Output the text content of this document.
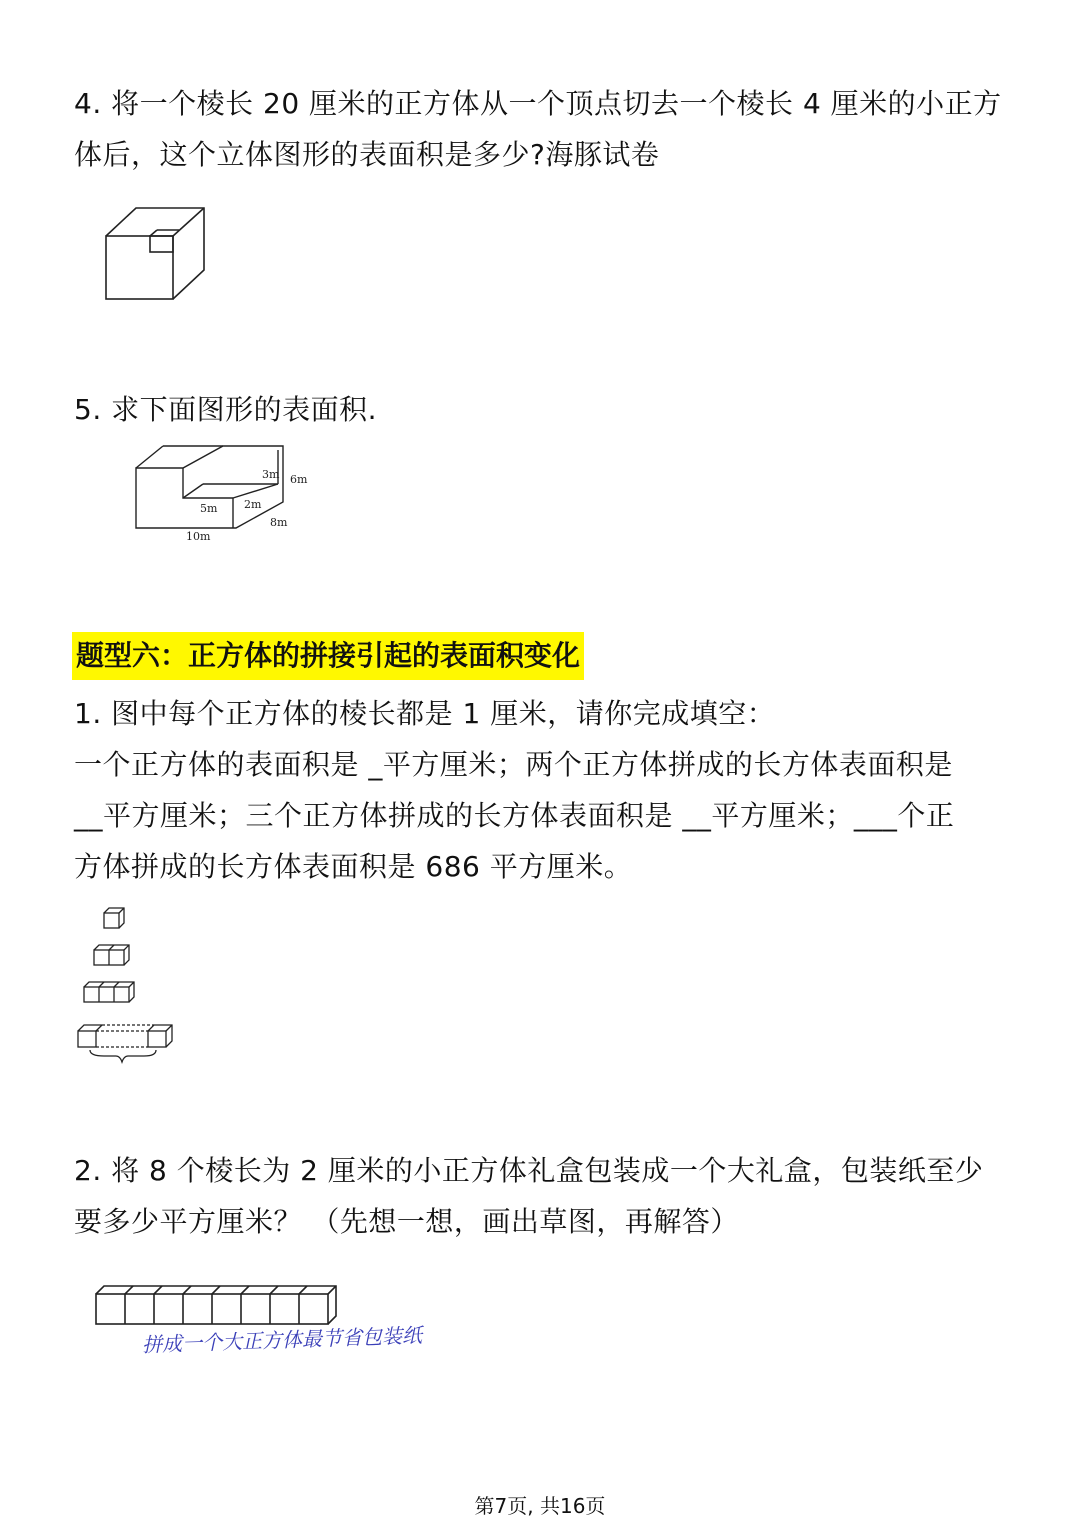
4. 将一个棱长 20 厘米的正方体从一个顶点切去一个棱长 4 厘米的小正方
体后，这个立体图形的表面积是多少?海豚试卷
5. 求下面图形的表面积.
3m 6m
5m 2m
8m
10m
题型六：正方体的拼接引起的表面积变化
1. 图中每个正方体的棱长都是 1 厘米，请你完成填空：
一个正方体的表面积是 _平方厘米；两个正方体拼成的长方体表面积是
__平方厘米；三个正方体拼成的长方体表面积是 __平方厘米；___个正
方体拼成的长方体表面积是 686 平方厘米。
2. 将 8 个棱长为 2 厘米的小正方体礼盒包装成一个大礼盒，包装纸至少
要多少平方厘米？ （先想一想，画出草图，再解答）
拼成一个大正方体最节省包装纸
第7页, 共16页
